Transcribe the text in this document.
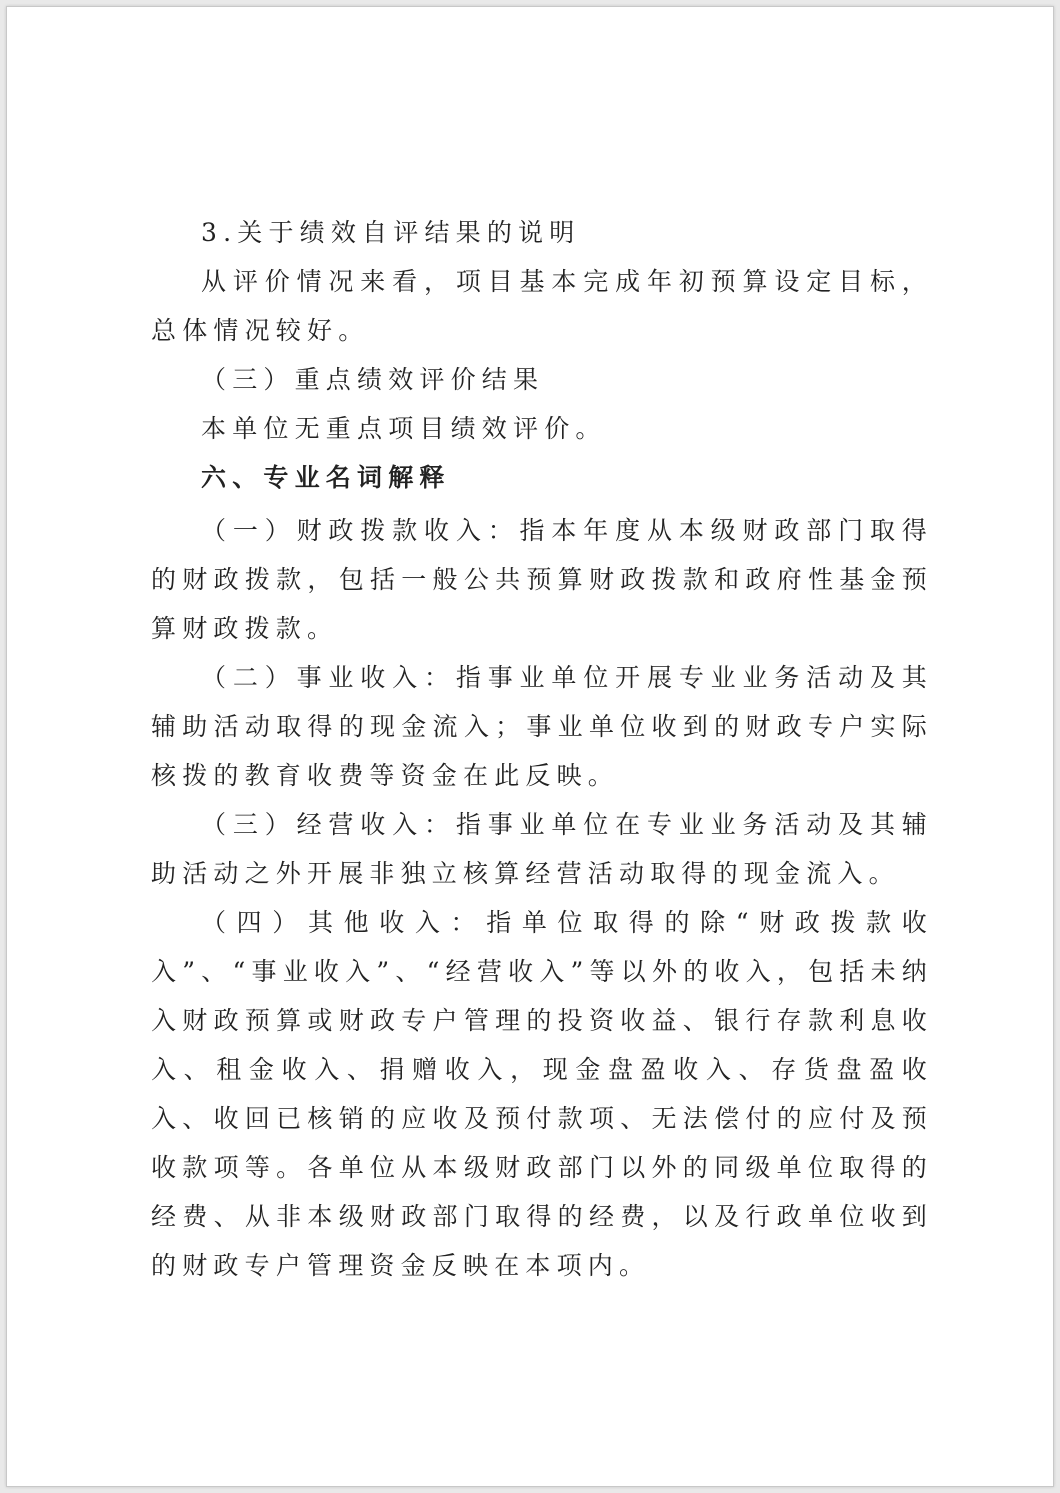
3.关于绩效自评结果的说明

从评价情况来看，项目基本完成年初预算设定目标，总体情况较好。

（三）重点绩效评价结果

本单位无重点项目绩效评价。

六、专业名词解释

（一）财政拨款收入：指本年度从本级财政部门取得的财政拨款，包括一般公共预算财政拨款和政府性基金预算财政拨款。

（二）事业收入：指事业单位开展专业业务活动及其辅助活动取得的现金流入；事业单位收到的财政专户实际核拨的教育收费等资金在此反映。

（三）经营收入：指事业单位在专业业务活动及其辅助活动之外开展非独立核算经营活动取得的现金流入。

（四）其他收入：指单位取得的除“财政拨款收入”、“事业收入”、“经营收入”等以外的收入，包括未纳入财政预算或财政专户管理的投资收益、银行存款利息收入、租金收入、捐赠收入，现金盘盈收入、存货盘盈收入、收回已核销的应收及预付款项、无法偿付的应付及预收款项等。各单位从本级财政部门以外的同级单位取得的经费、从非本级财政部门取得的经费，以及行政单位收到的财政专户管理资金反映在本项内。
